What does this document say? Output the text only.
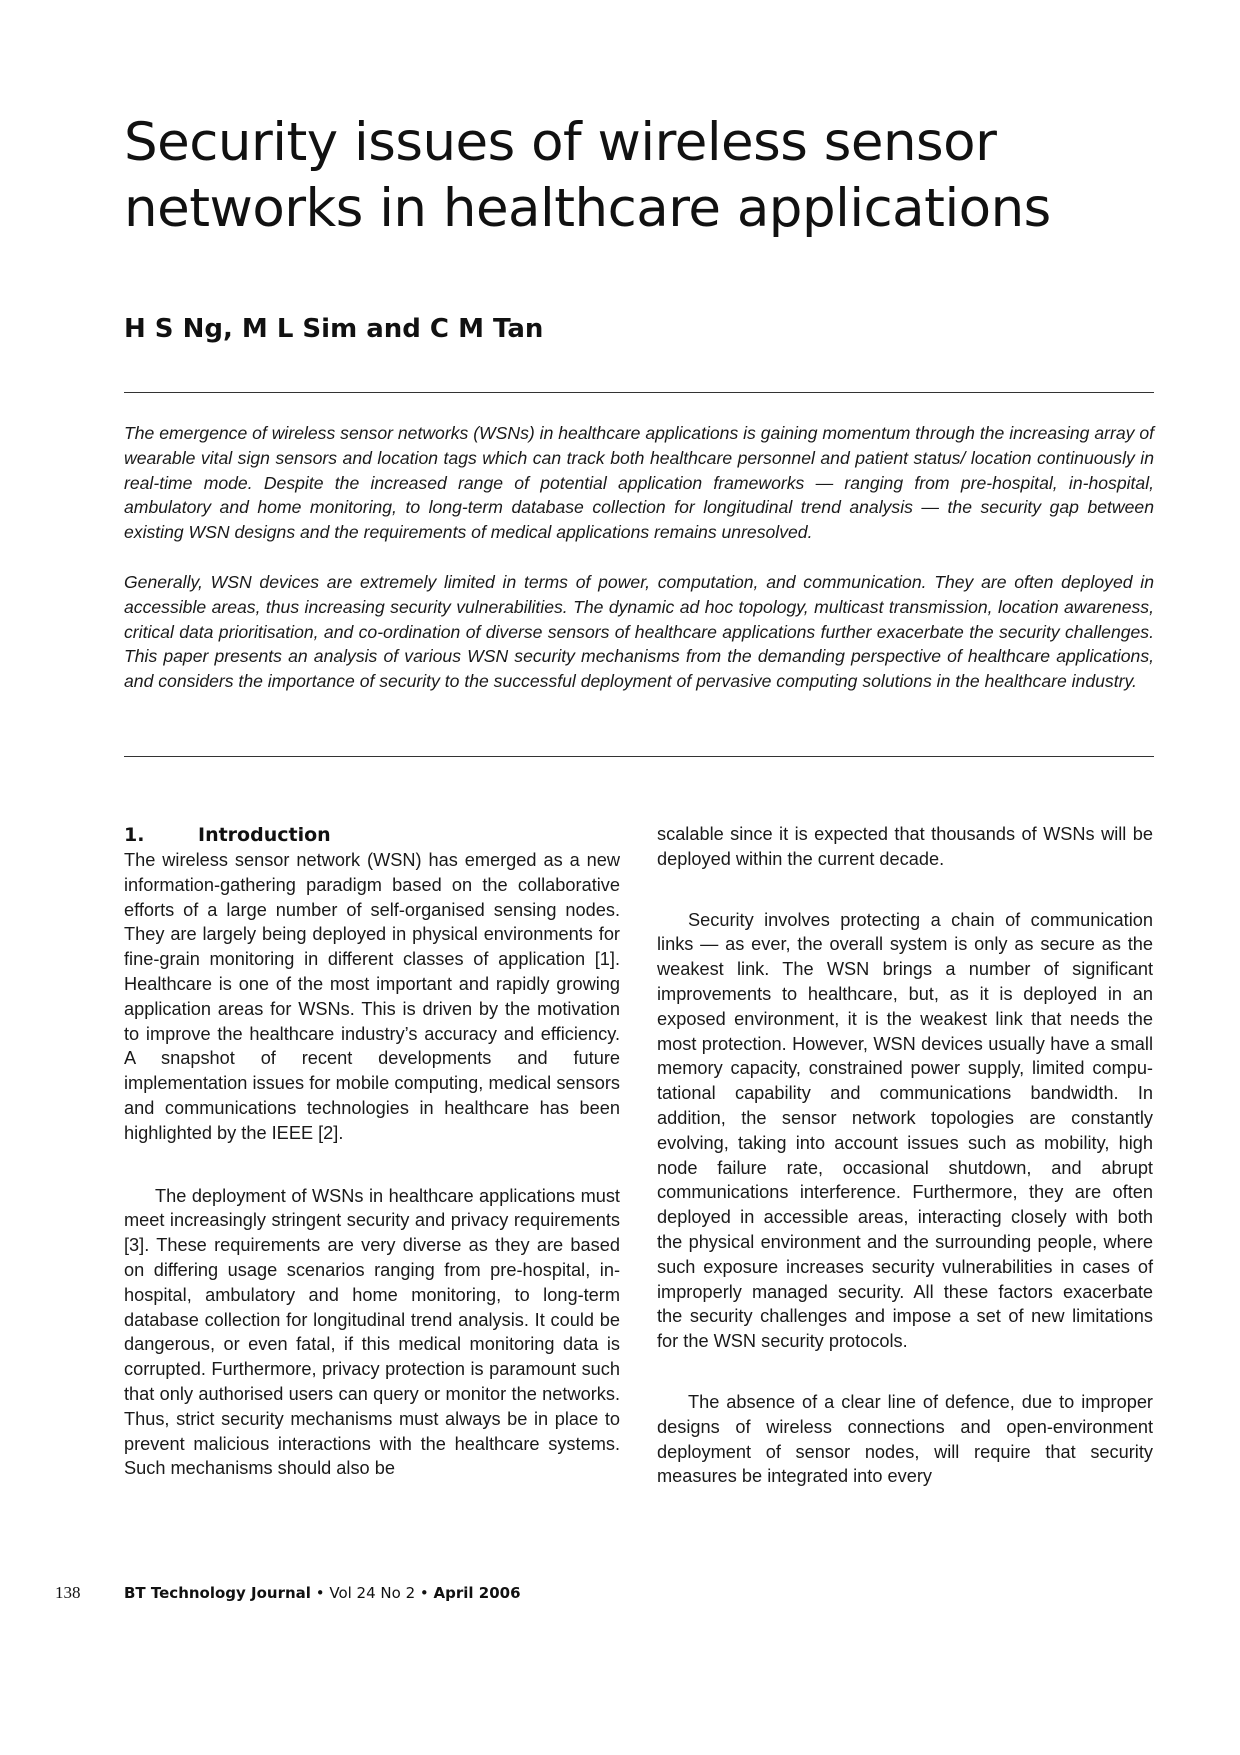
Security issues of wireless sensor
networks in healthcare applications
H S Ng, M L Sim and C M Tan

The emergence of wireless sensor networks (WSNs) in healthcare applications is gaining momentum through the increasing array of wearable vital sign sensors and location tags which can track both healthcare personnel and patient status/ location continuously in real-time mode. Despite the increased range of potential application frameworks — ranging from pre-hospital, in-hospital, ambulatory and home monitoring, to long-term database collection for longitudinal trend analysis — the security gap between existing WSN designs and the requirements of medical applications remains unresolved.

Generally, WSN devices are extremely limited in terms of power, computation, and communication. They are often deployed in accessible areas, thus increasing security vulnerabilities. The dynamic ad hoc topology, multicast transmission, location awareness, critical data prioritisation, and co-ordination of diverse sensors of healthcare applications further exacerbate the security challenges. This paper presents an analysis of various WSN security mechanisms from the demanding perspective of healthcare applications, and considers the importance of security to the successful deployment of pervasive computing solutions in the healthcare industry.

1.	Introduction

The wireless sensor network (WSN) has emerged as a new information-gathering paradigm based on the collaborative efforts of a large number of self-organised sensing nodes. They are largely being deployed in physical environments for fine-grain monitoring in different classes of application [1]. Healthcare is one of the most important and rapidly growing application areas for WSNs. This is driven by the motivation to improve the healthcare industry’s accuracy and efficiency. A snapshot of recent developments and future implementation issues for mobile computing, medical sensors and communications technologies in healthcare has been highlighted by the IEEE [2].

The deployment of WSNs in healthcare applications must meet increasingly stringent security and privacy requirements [3]. These requirements are very diverse as they are based on differing usage scenarios ranging from pre-hospital, in-hospital, ambulatory and home monitoring, to long-term database collection for longitudinal trend analysis. It could be dangerous, or even fatal, if this medical monitoring data is corrupted. Furthermore, privacy protection is paramount such that only authorised users can query or monitor the networks. Thus, strict security mechanisms must always be in place to prevent malicious interactions with the healthcare systems. Such mechanisms should also be

scalable since it is expected that thousands of WSNs will be deployed within the current decade.

Security involves protecting a chain of communication links — as ever, the overall system is only as secure as the weakest link. The WSN brings a number of significant improvements to healthcare, but, as it is deployed in an exposed environment, it is the weakest link that needs the most protection. However, WSN devices usually have a small memory capacity, constrained power supply, limited compu-tational capability and communications bandwidth. In addition, the sensor network topologies are constantly evolving, taking into account issues such as mobility, high node failure rate, occasional shutdown, and abrupt communications interference. Furthermore, they are often deployed in accessible areas, interacting closely with both the physical environment and the surrounding people, where such exposure increases security vulnerabilities in cases of improperly managed security. All these factors exacerbate the security challenges and impose a set of new limitations for the WSN security protocols.

The absence of a clear line of defence, due to improper designs of wireless connections and open-environment deployment of sensor nodes, will require that security measures be integrated into every

138	BT Technology Journal • Vol 24 No 2 • April 2006
